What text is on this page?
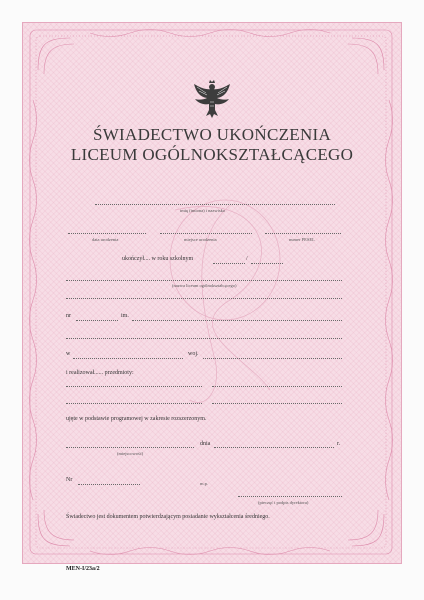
ŚWIADECTWO UKOŃCZENIA
LICEUM OGÓLNOKSZTAŁCĄCEGO
imię (imiona) i nazwisko
data urodzenia	miejsce urodzenia	numer PESEL
ukończył.... w roku szkolnym	/
(nazwa liceum ogólnokształcącego)
nr	im.
w	woj.
i realizował...... przedmioty:
ujęte w podstawie programowej w zakresie rozszerzonym.
(miejscowość)
dnia	r.
Nr
m.p.
(pieczęć i podpis dyrektora)
Świadectwo jest dokumentem potwierdzającym posiadanie wykształcenia średniego.
MEN-I/23a/2
